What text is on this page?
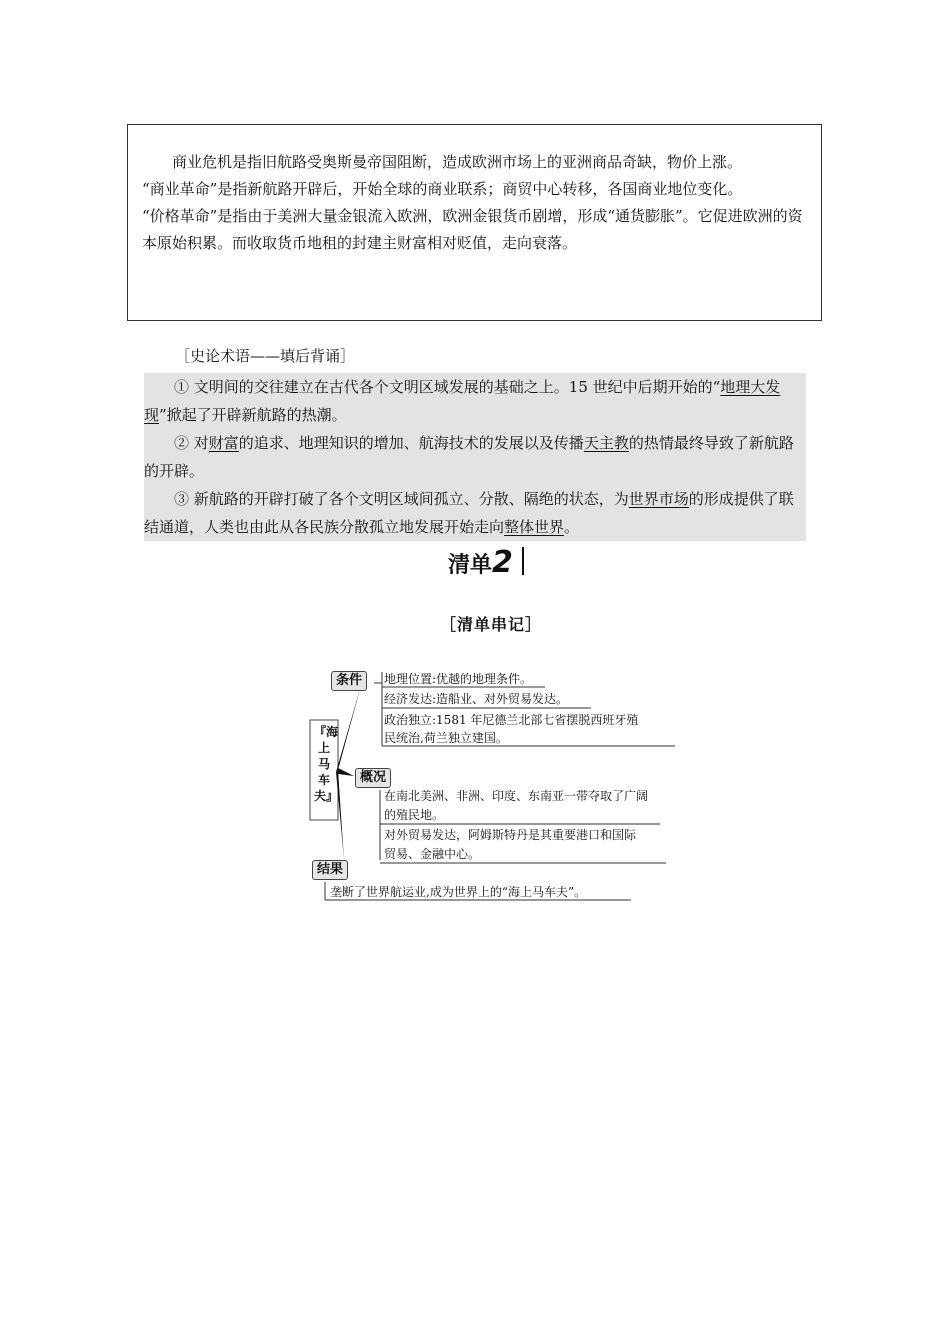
商业危机是指旧航路受奥斯曼帝国阻断，造成欧洲市场上的亚洲商品奇缺，物价上涨。

“商业革命”是指新航路开辟后，开始全球的商业联系；商贸中心转移，各国商业地位变化。

“价格革命”是指由于美洲大量金银流入欧洲，欧洲金银货币剧增，形成“通货膨胀”。它促进欧洲的资本原始积累。而收取货币地租的封建主财富相对贬值，走向衰落。

［史论术语——填后背诵］

① 文明间的交往建立在古代各个文明区域发展的基础之上。15 世纪中后期开始的“地理大发现”掀起了开辟新航路的热潮。

② 对财富的追求、地理知识的增加、航海技术的发展以及传播天主教的热情最终导致了新航路的开辟。

③ 新航路的开辟打破了各个文明区域间孤立、分散、隔绝的状态，为世界市场的形成提供了联结通道，人类也由此从各民族分散孤立地发展开始走向整体世界。

清单2
［清单串记］
条件
概况
结果
『海上马车夫』
地理位置:优越的地理条件。
经济发达:造船业、对外贸易发达。
政治独立:1581 年尼德兰北部七省摆脱西班牙殖
民统治,荷兰独立建国。
在南北美洲、非洲、印度、东南亚一带夺取了广阔
的殖民地。
对外贸易发达，阿姆斯特丹是其重要港口和国际
贸易、金融中心。
垄断了世界航运业,成为世界上的“海上马车夫”。
